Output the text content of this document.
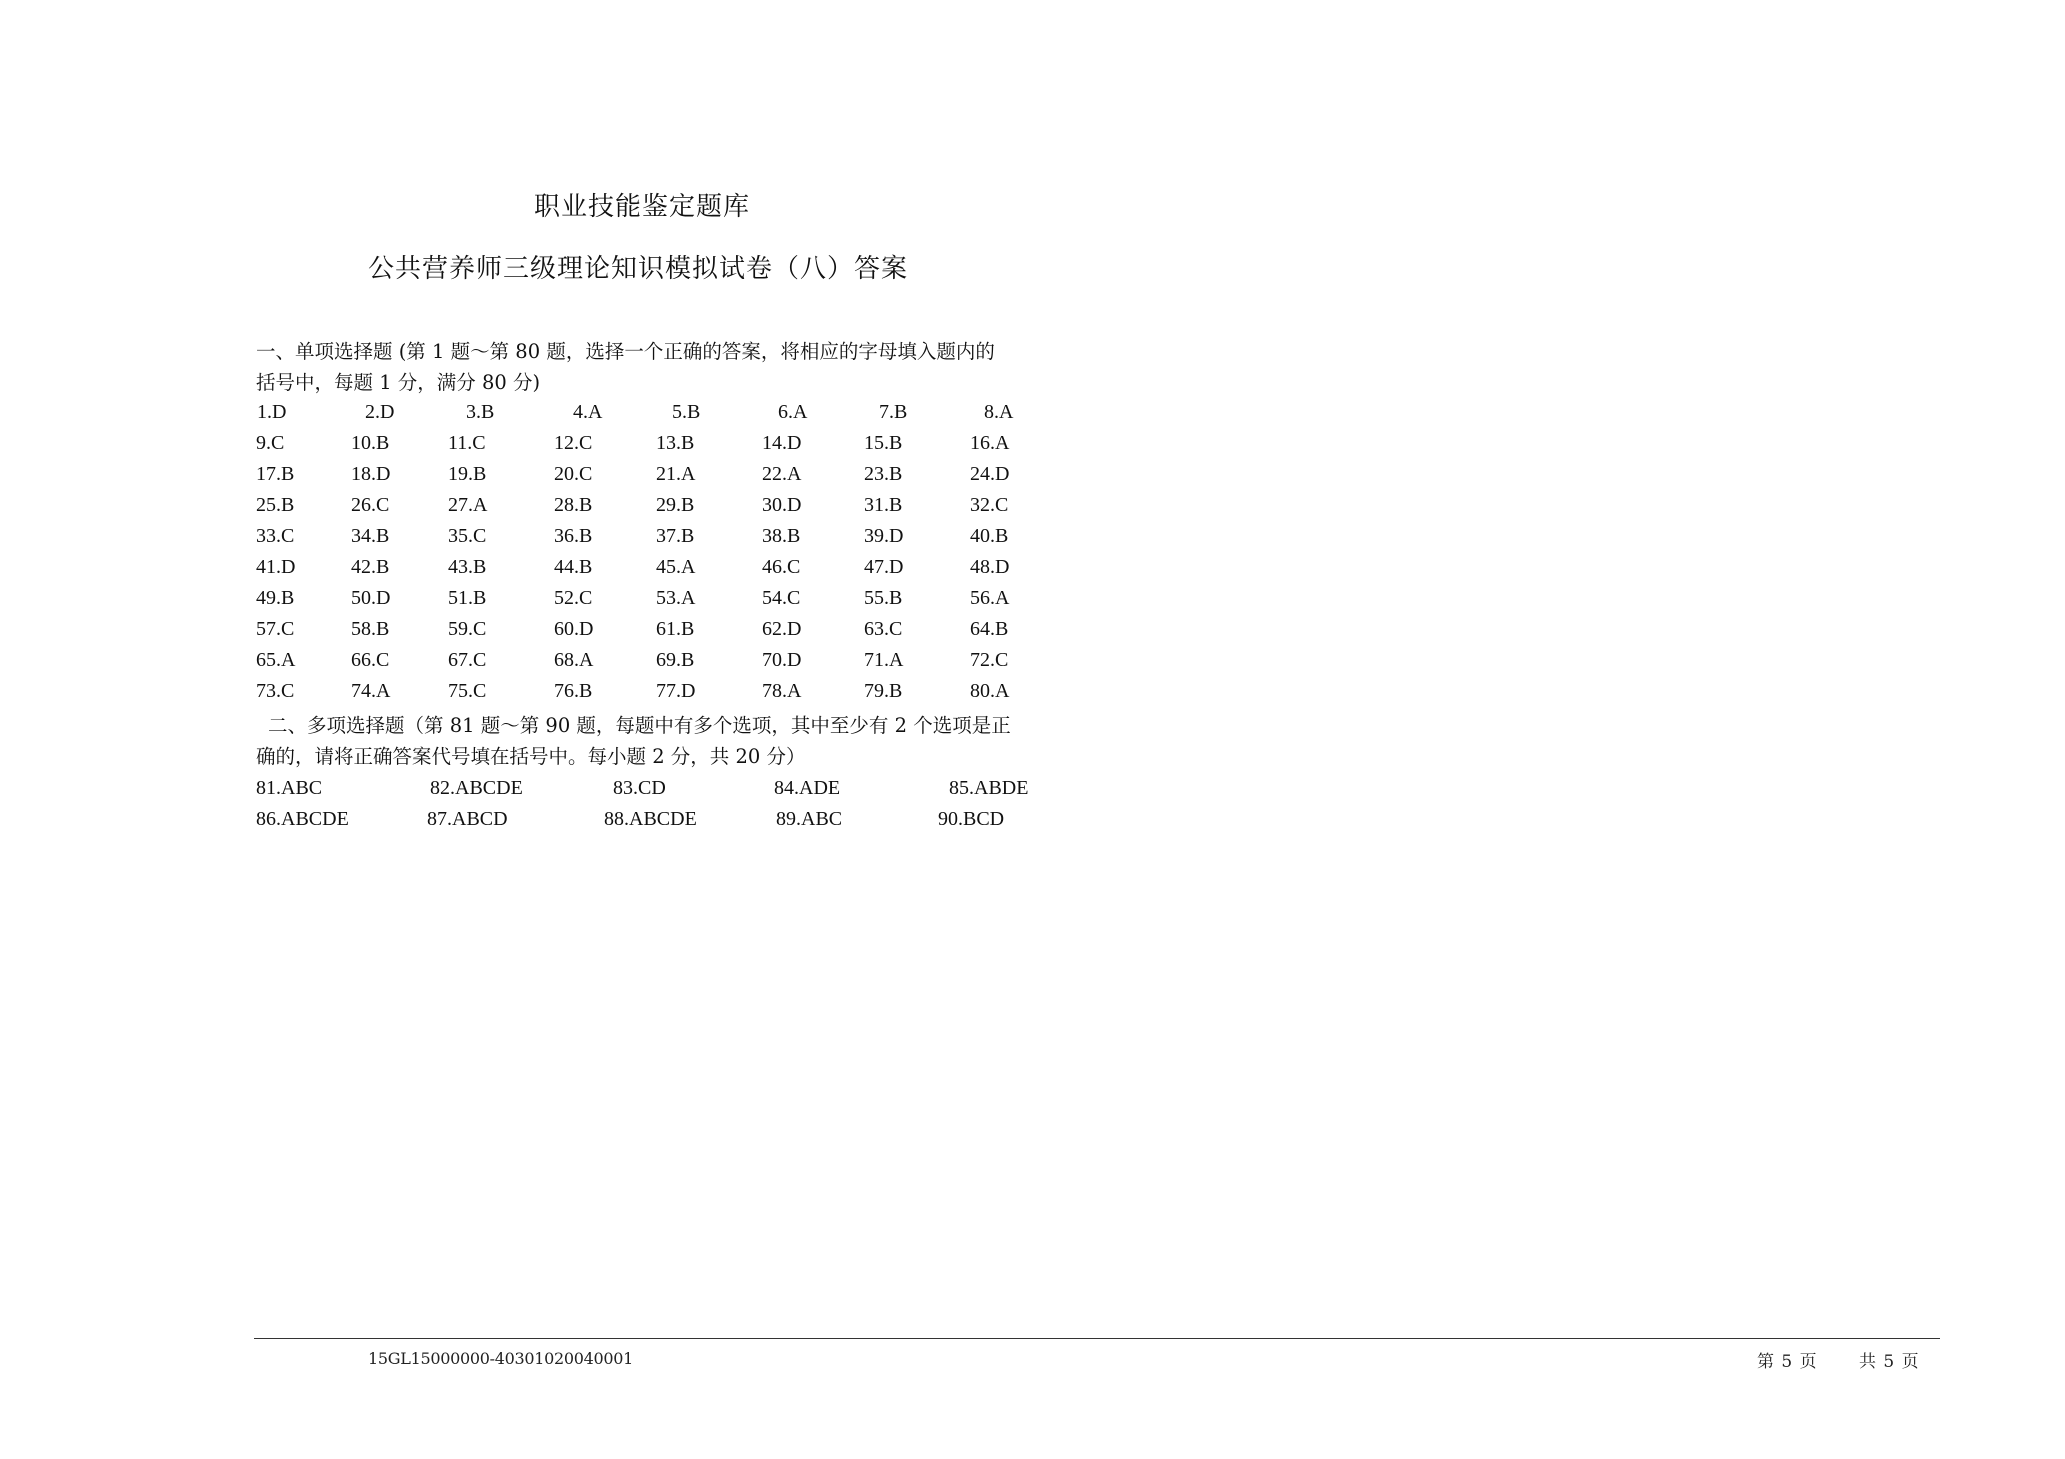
职业技能鉴定题库
公共营养师三级理论知识模拟试卷（八）答案
一、单项选择题 (第 1 题～第 80 题，选择一个正确的答案，将相应的字母填入题内的
括号中，每题 1 分，满分 80 分)
1.D	2.D	3.B	4.A	5.B	6.A	7.B	8.A
9.C	10.B	11.C	12.C	13.B	14.D	15.B	16.A
17.B	18.D	19.B	20.C	21.A	22.A	23.B	24.D
25.B	26.C	27.A	28.B	29.B	30.D	31.B	32.C
33.C	34.B	35.C	36.B	37.B	38.B	39.D	40.B
41.D	42.B	43.B	44.B	45.A	46.C	47.D	48.D
49.B	50.D	51.B	52.C	53.A	54.C	55.B	56.A
57.C	58.B	59.C	60.D	61.B	62.D	63.C	64.B
65.A	66.C	67.C	68.A	69.B	70.D	71.A	72.C
73.C	74.A	75.C	76.B	77.D	78.A	79.B	80.A
二、多项选择题（第 81 题～第 90 题，每题中有多个选项，其中至少有 2 个选项是正
确的，请将正确答案代号填在括号中。每小题 2 分，共 20 分）
81.ABC	82.ABCDE	83.CD	84.ADE	85.ABDE
86.ABCDE	87.ABCD	88.ABCDE	89.ABC	90.BCD
15GL15000000-40301020040001	第 5 页 共 5 页
